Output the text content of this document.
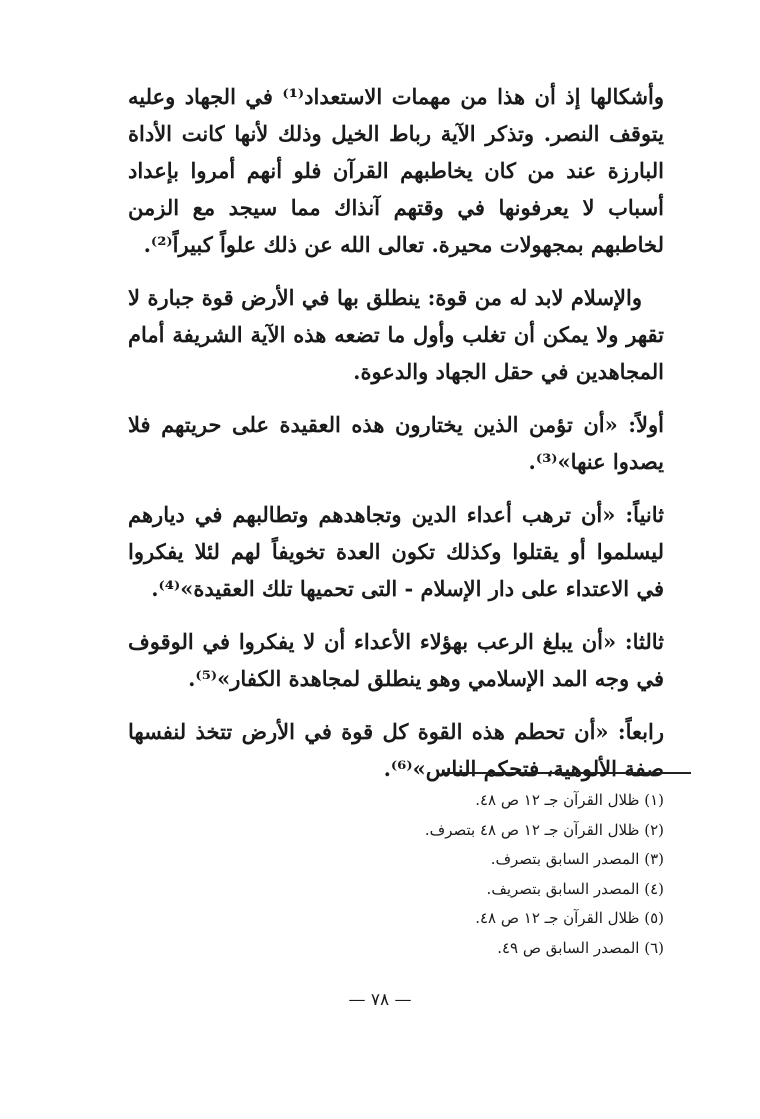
وأشكالها إذ أن هذا من مهمات الاستعداد⁽¹⁾ في الجهاد وعليه يتوقف النصر. وتذكر الآية رباط الخيل وذلك لأنها كانت الأداة البارزة عند من كان يخاطبهم القرآن فلو أنهم أمروا بإعداد أسباب لا يعرفونها في وقتهم آنذاك مما سيجد مع الزمن لخاطبهم بمجهولات محيرة. تعالى الله عن ذلك علواً كبيراً⁽²⁾.

والإسلام لابد له من قوة: ينطلق بها في الأرض قوة جبارة لا تقهر ولا يمكن أن تغلب وأول ما تضعه هذه الآية الشريفة أمام المجاهدين في حقل الجهاد والدعوة.

أولاً: «أن تؤمن الذين يختارون هذه العقيدة على حريتهم فلا يصدوا عنها»⁽³⁾.

ثانياً: «أن ترهب أعداء الدين وتجاهدهم وتطالبهم في ديارهم ليسلموا أو يقتلوا وكذلك تكون العدة تخويفاً لهم لئلا يفكروا في الاعتداء على دار الإسلام - التى تحميها تلك العقيدة»⁽⁴⁾.

ثالثا: «أن يبلغ الرعب بهؤلاء الأعداء أن لا يفكروا في الوقوف في وجه المد الإسلامي وهو ينطلق لمجاهدة الكفار»⁽⁵⁾.

رابعاً: «أن تحطم هذه القوة كل قوة في الأرض تتخذ لنفسها صفة الألوهية، فتحكم الناس»⁽⁶⁾.

(١) ظلال القرآن جـ ١٢ ص ٤٨.
(٢) ظلال القرآن جـ ١٢ ص ٤٨ بتصرف.
(٣) المصدر السابق بتصرف.
(٤) المصدر السابق بتصريف.
(٥) ظلال القرآن جـ ١٢ ص ٤٨.
(٦) المصدر السابق ص ٤٩.
— ٧٨ —
